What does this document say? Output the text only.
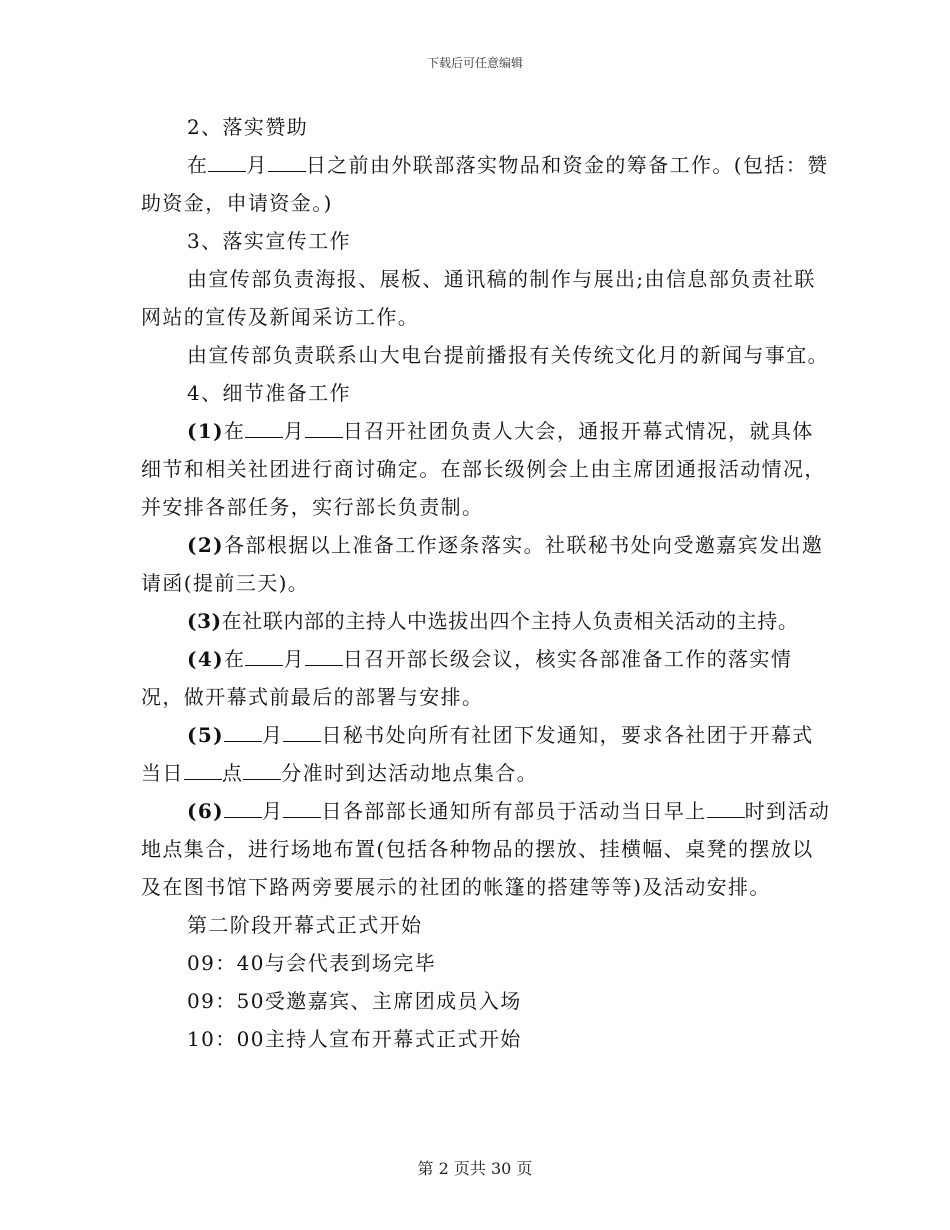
下载后可任意编辑

2、落实赞助

在 月 日之前由外联部落实物品和资金的筹备工作。(包括：赞助资金，申请资金。)

3、落实宣传工作

由宣传部负责海报、展板、通讯稿的制作与展出;由信息部负责社联网站的宣传及新闻采访工作。

由宣传部负责联系山大电台提前播报有关传统文化月的新闻与事宜。

4、细节准备工作

(1)在 月 日召开社团负责人大会，通报开幕式情况，就具体细节和相关社团进行商讨确定。在部长级例会上由主席团通报活动情况，并安排各部任务，实行部长负责制。

(2)各部根据以上准备工作逐条落实。社联秘书处向受邀嘉宾发出邀请函(提前三天)。

(3)在社联内部的主持人中选拔出四个主持人负责相关活动的主持。

(4)在 月 日召开部长级会议，核实各部准备工作的落实情况，做开幕式前最后的部署与安排。

(5) 月 日秘书处向所有社团下发通知，要求各社团于开幕式当日 点 分准时到达活动地点集合。

(6) 月 日各部部长通知所有部员于活动当日早上 时到活动地点集合，进行场地布置(包括各种物品的摆放、挂横幅、桌凳的摆放以及在图书馆下路两旁要展示的社团的帐篷的搭建等等)及活动安排。

第二阶段开幕式正式开始

09：40与会代表到场完毕

09：50受邀嘉宾、主席团成员入场

10：00主持人宣布开幕式正式开始

第 2 页共 30 页
